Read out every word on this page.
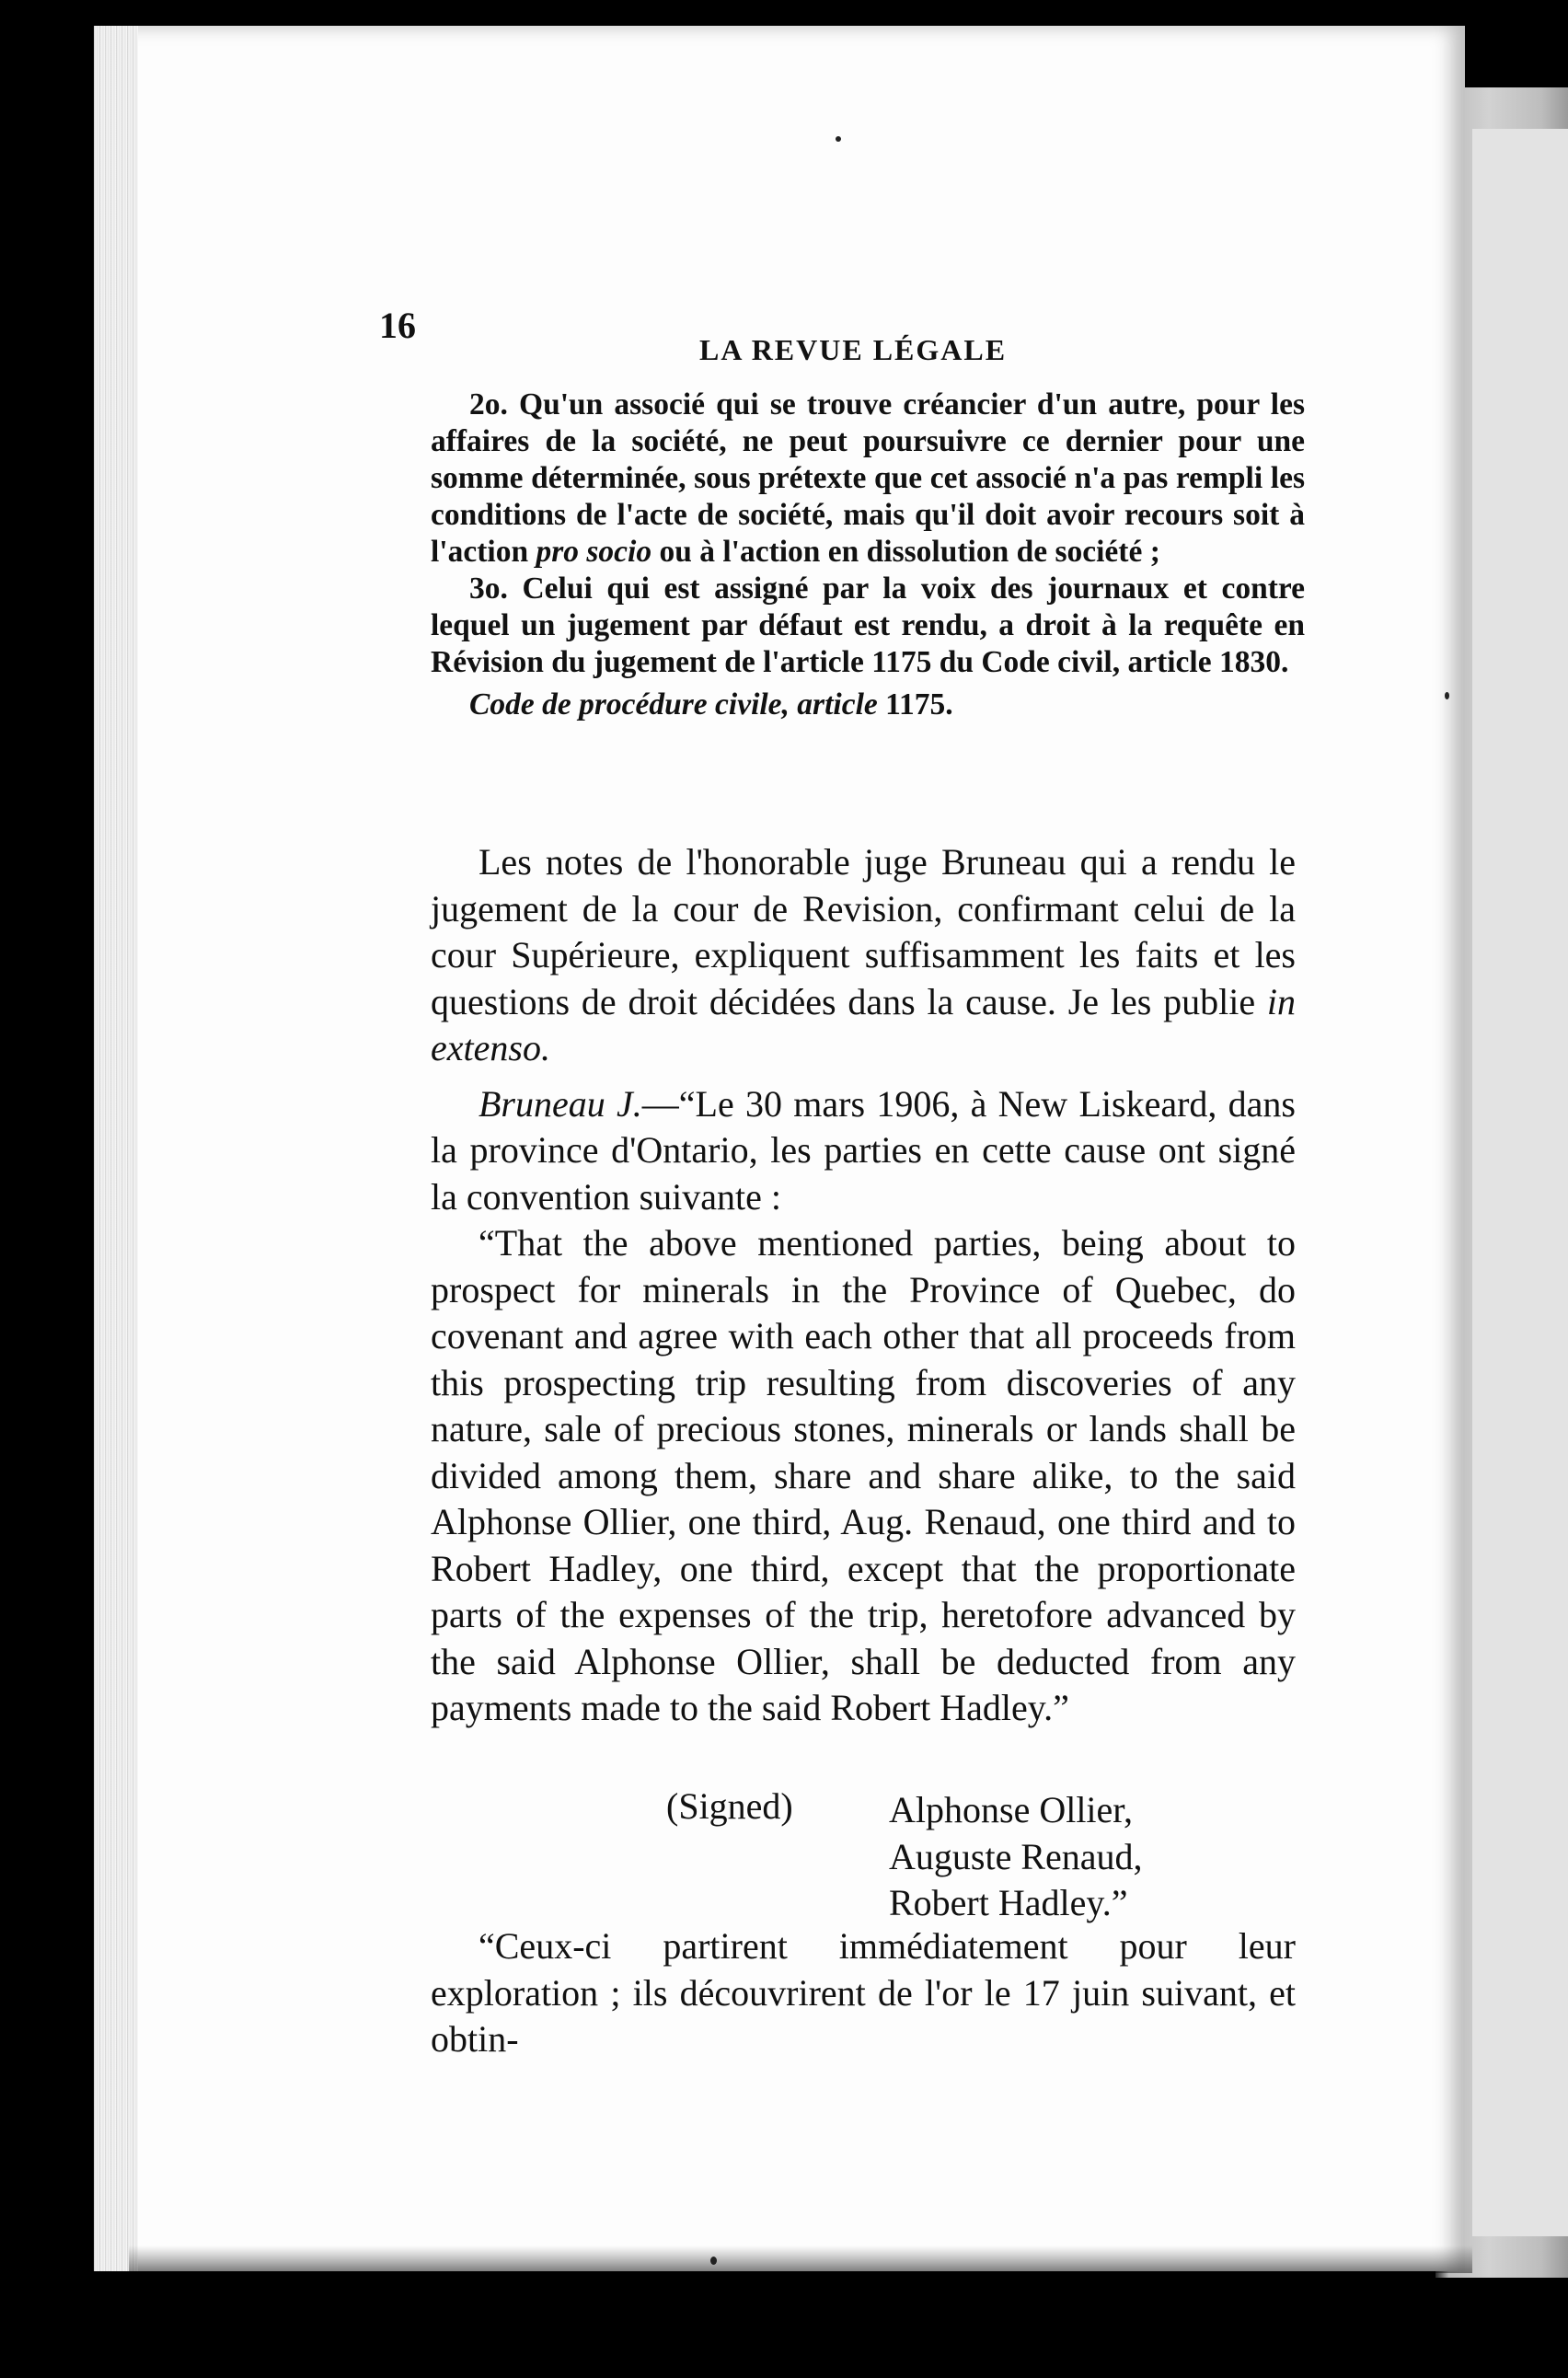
16
LA REVUE LÉGALE

2o. Qu'un associé qui se trouve créancier d'un autre, pour les affaires de la société, ne peut poursuivre ce dernier pour une somme déterminée, sous prétexte que cet associé n'a pas rempli les conditions de l'acte de société, mais qu'il doit avoir recours soit à l'action pro socio ou à l'action en dissolution de société ;

3o. Celui qui est assigné par la voix des journaux et contre lequel un jugement par défaut est rendu, a droit à la requête en Révision du jugement de l'article 1175 du Code civil, article 1830.

Code de procédure civile, article 1175.

Les notes de l'honorable juge Bruneau qui a rendu le jugement de la cour de Revision, confirmant celui de la cour Supérieure, expliquent suffisamment les faits et les questions de droit décidées dans la cause. Je les publie in extenso.

Bruneau J.—“Le 30 mars 1906, à New Liskeard, dans la province d'Ontario, les parties en cette cause ont signé la convention suivante :

“That the above mentioned parties, being about to prospect for minerals in the Province of Quebec, do covenant and agree with each other that all proceeds from this prospecting trip resulting from discoveries of any nature, sale of precious stones, minerals or lands shall be divided among them, share and share alike, to the said Alphonse Ollier, one third, Aug. Renaud, one third and to Robert Hadley, one third, except that the proportionate parts of the expenses of the trip, heretofore advanced by the said Alphonse Ollier, shall be deducted from any payments made to the said Robert Hadley.”

(Signed)	Alphonse Ollier,
Auguste Renaud,
Robert Hadley.”

“Ceux-ci partirent immédiatement pour leur exploration ; ils découvrirent de l'or le 17 juin suivant, et obtin-
